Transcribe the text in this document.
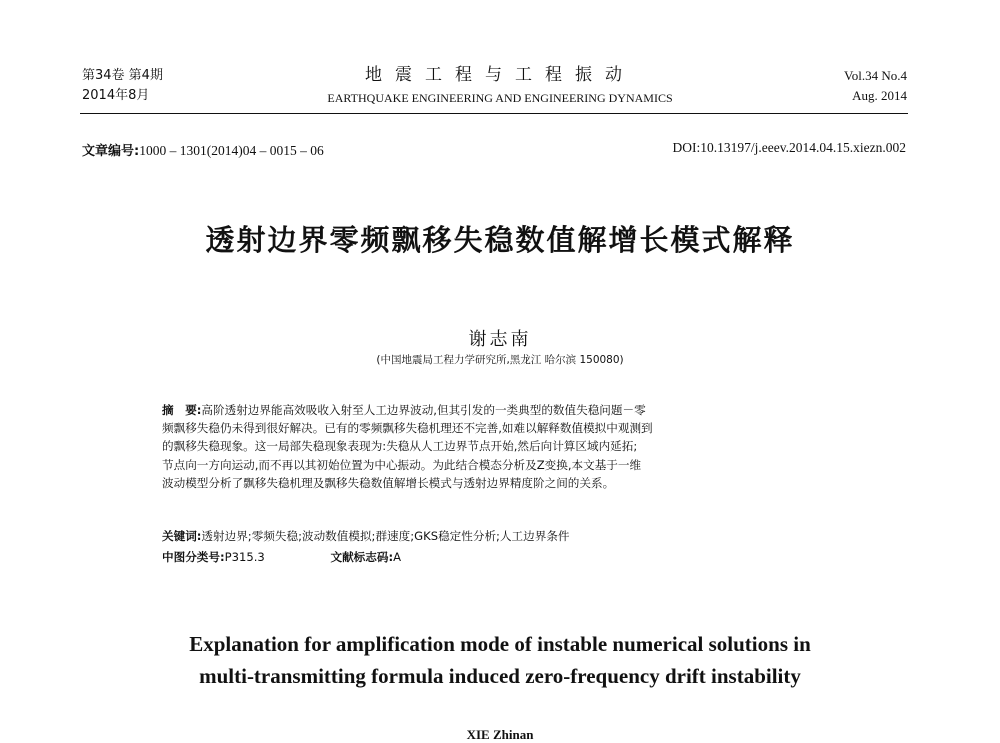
第34卷 第4期
2014年8月
地震工程与工程振动
EARTHQUAKE ENGINEERING AND ENGINEERING DYNAMICS
Vol.34 No.4
Aug. 2014
文章编号:1000 – 1301(2014)04 – 0015 – 06	DOI:10.13197/j.eeev.2014.04.15.xiezn.002
透射边界零频飘移失稳数值解增长模式解释
谢志南
(中国地震局工程力学研究所,黑龙江 哈尔滨 150080)
摘　要:高阶透射边界能高效吸收入射至人工边界波动,但其引发的一类典型的数值失稳问题－零
频飘移失稳仍未得到很好解决。已有的零频飘移失稳机理还不完善,如难以解释数值模拟中观测到
的飘移失稳现象。这一局部失稳现象表现为:失稳从人工边界节点开始,然后向计算区域内延拓;
节点向一方向运动,而不再以其初始位置为中心振动。为此结合模态分析及Z变换,本文基于一维
波动模型分析了飘移失稳机理及飘移失稳数值解增长模式与透射边界精度阶之间的关系。
关键词:透射边界;零频失稳;波动数值模拟;群速度;GKS稳定性分析;人工边界条件
中图分类号:P315.3	文献标志码:A
Explanation for amplification mode of instable numerical solutions in
multi-transmitting formula induced zero-frequency drift instability
XIE Zhinan
